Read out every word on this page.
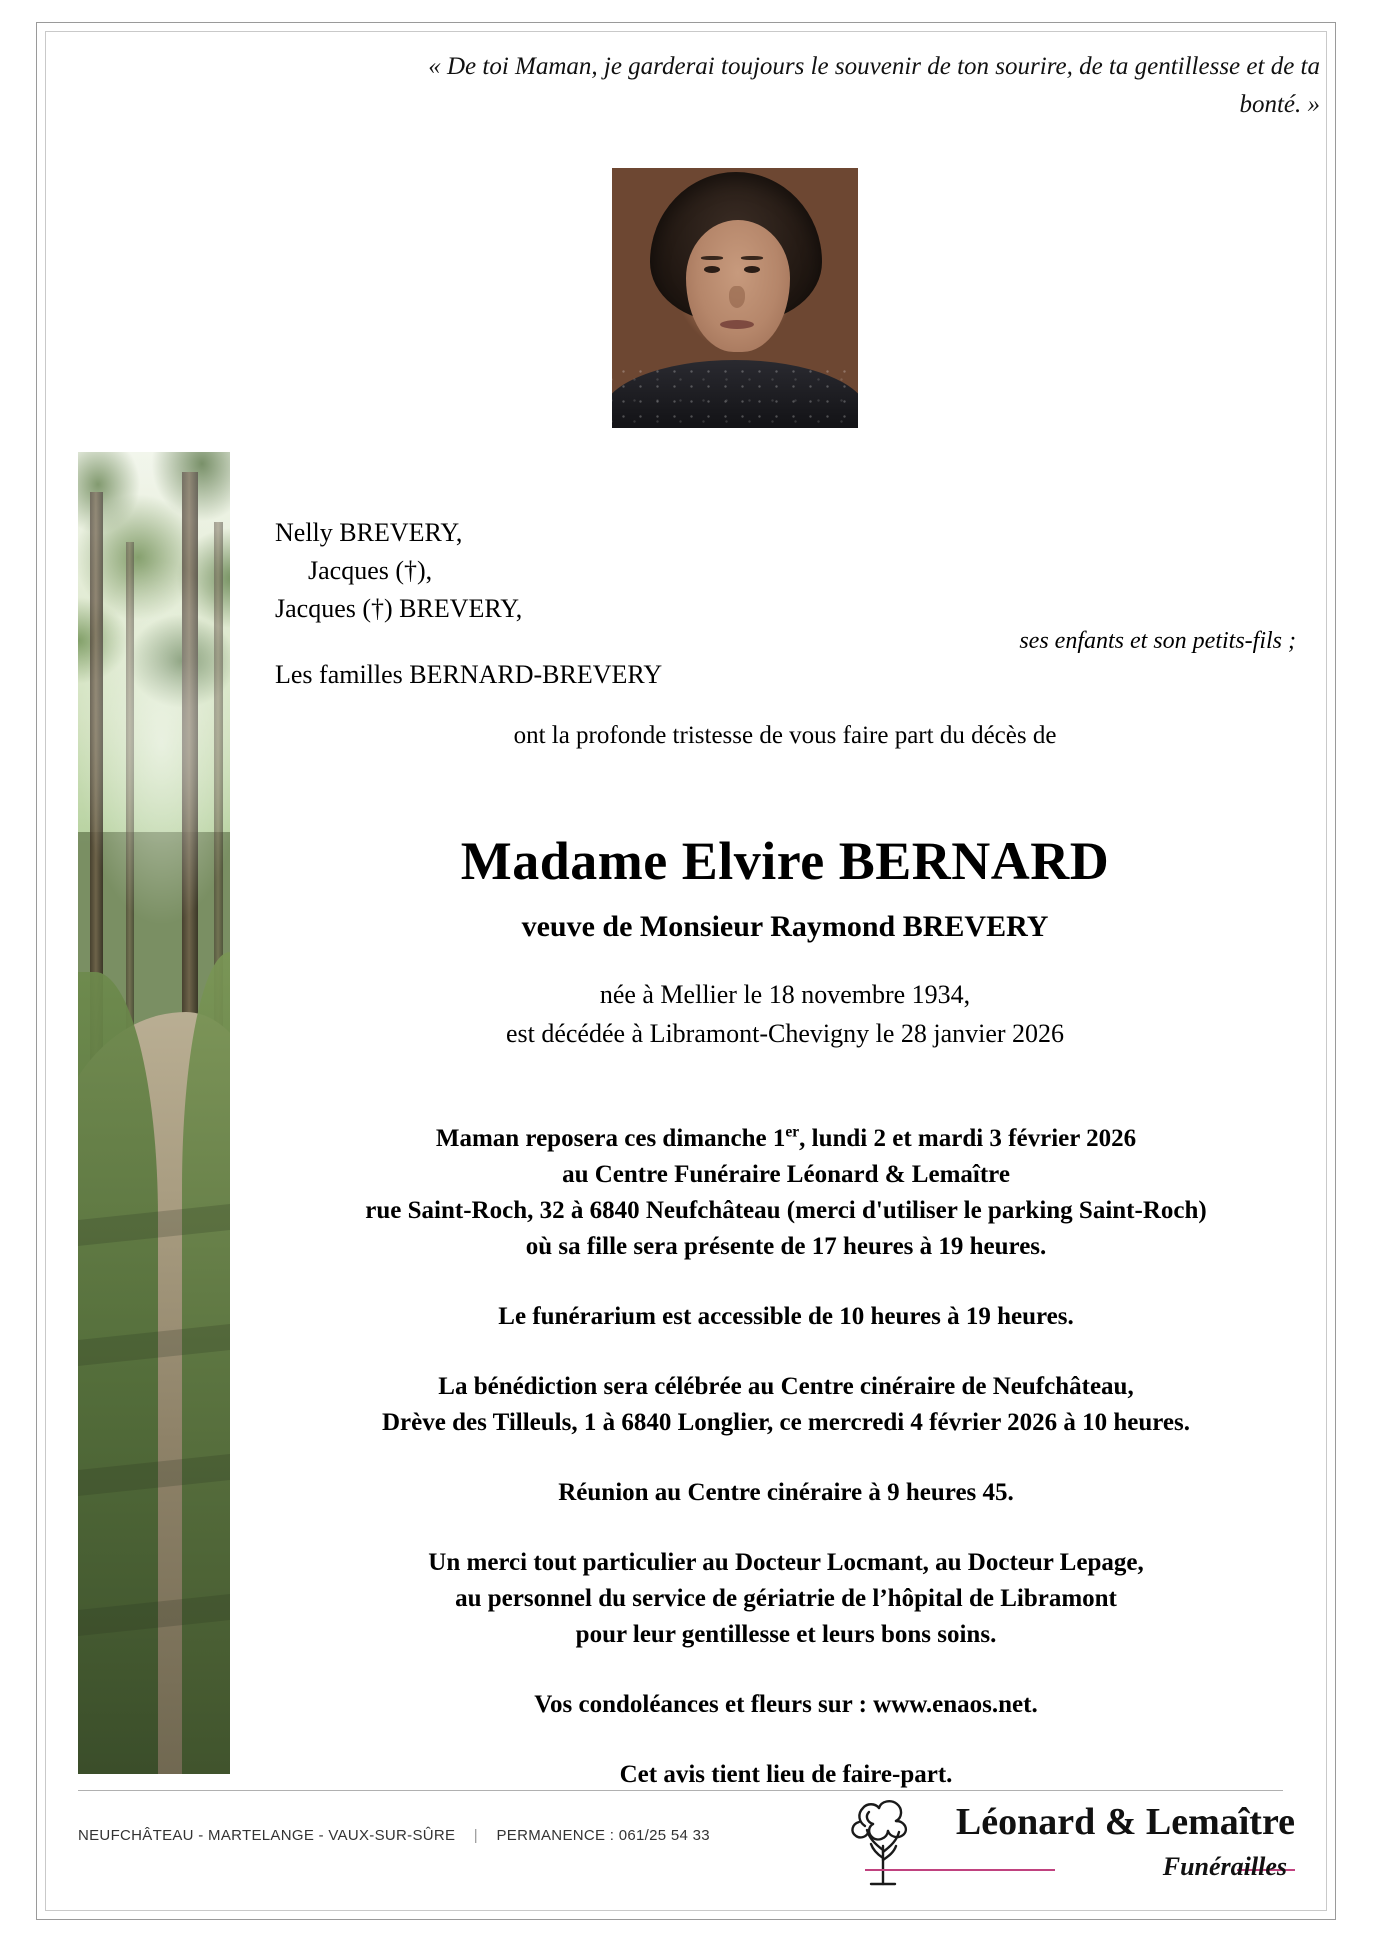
« De toi Maman, je garderai toujours le souvenir de ton sourire, de ta gentillesse et de ta bonté. »
Nelly BREVERY,
Jacques (†),
Jacques (†) BREVERY,
Les familles BERNARD-BREVERY
ses enfants et son petits-fils ;
ont la profonde tristesse de vous faire part du décès de
Madame Elvire BERNARD
veuve de Monsieur Raymond BREVERY
née à Mellier le 18 novembre 1934,
est décédée à Libramont-Chevigny le 28 janvier 2026

Maman reposera ces dimanche 1er, lundi 2 et mardi 3 février 2026
au Centre Funéraire Léonard & Lemaître
rue Saint-Roch, 32 à 6840 Neufchâteau (merci d'utiliser le parking Saint-Roch)
où sa fille sera présente de 17 heures à 19 heures.

Le funérarium est accessible de 10 heures à 19 heures.

La bénédiction sera célébrée au Centre cinéraire de Neufchâteau,
Drève des Tilleuls, 1 à 6840 Longlier, ce mercredi 4 février 2026 à 10 heures.

Réunion au Centre cinéraire à 9 heures 45.

Un merci tout particulier au Docteur Locmant, au Docteur Lepage,
au personnel du service de gériatrie de l’hôpital de Libramont
pour leur gentillesse et leurs bons soins.

Vos condoléances et fleurs sur : www.enaos.net.

Cet avis tient lieu de faire-part.

NEUFCHÂTEAU - MARTELANGE - VAUX-SUR-SÛRE | PERMANENCE : 061/25 54 33	Léonard & Lemaître
Funérailles
